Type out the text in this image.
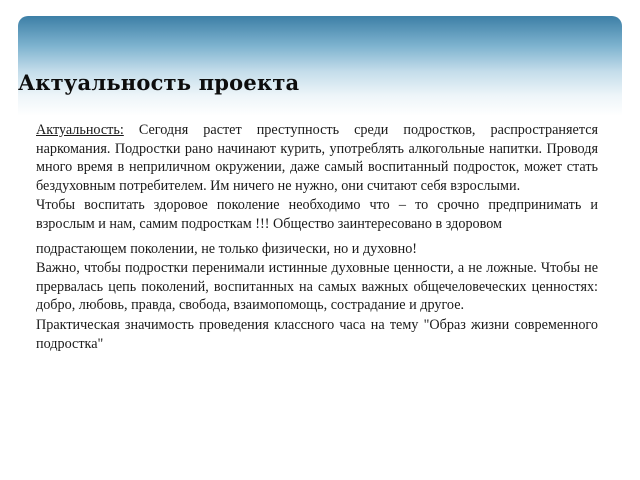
Актуальность проекта

Актуальность: Сегодня растет преступность среди подростков, распространяется наркомания. Подростки рано начинают курить, употреблять алкогольные напитки. Проводя много время в неприличном окружении, даже самый воспитанный подросток, может стать бездуховным потребителем. Им ничего не нужно, они считают себя взрослыми.

Чтобы воспитать здоровое поколение необходимо что – то срочно предпринимать и взрослым и нам, самим подросткам !!! Общество заинтересовано в здоровом

подрастающем поколении, не только физически, но и духовно!

Важно, чтобы подростки перенимали истинные духовные ценности, а не ложные. Чтобы не прервалась цепь поколений, воспитанных на самых важных общечеловеческих ценностях: добро, любовь, правда, свобода, взаимопомощь, сострадание и другое.

Практическая значимость проведения классного часа на тему "Образ жизни современного подростка"
